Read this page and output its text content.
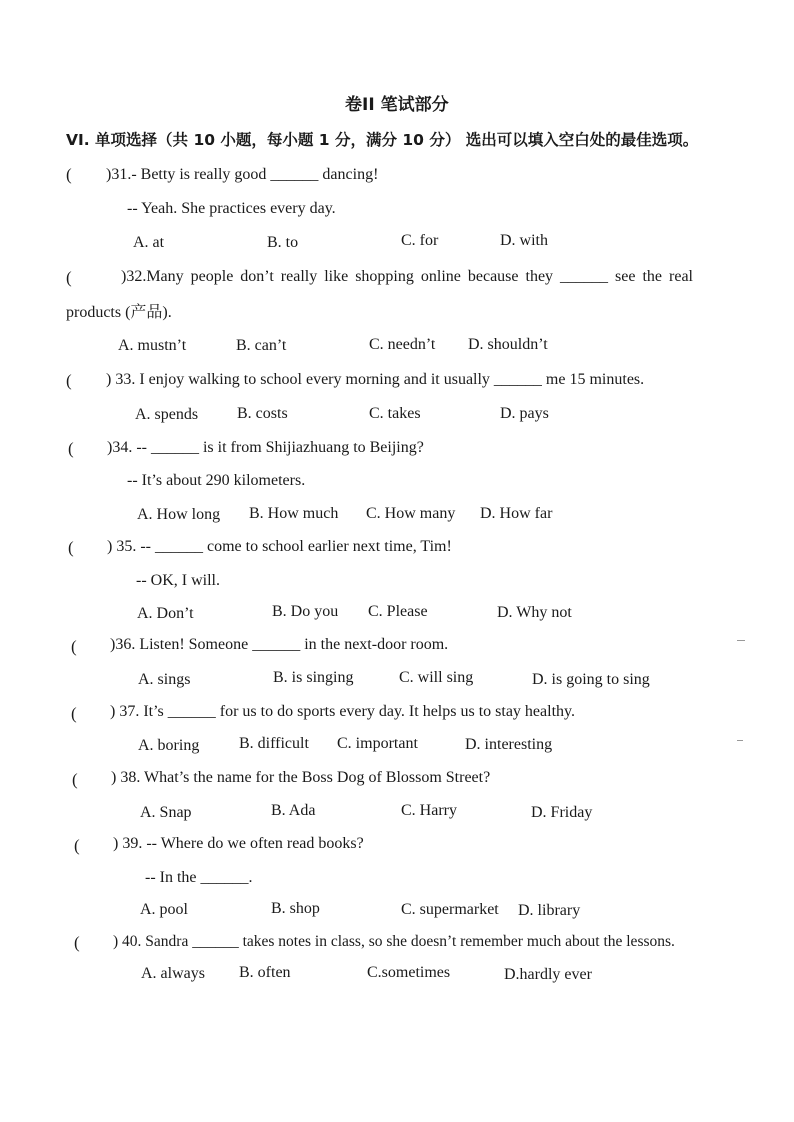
卷II 笔试部分
VI. 单项选择（共 10 小题，每小题 1 分，满分 10 分） 选出可以填入空白处的最佳选项。
( )31.- Betty is really good ______ dancing!
-- Yeah. She practices every day.
A. at	B. to	C. for	D. with
(	)32.Many people don’t really like shopping online because they ______ see the real
products (产品).
A. mustn’t	B. can’t	C. needn’t D. shouldn’t
( ) 33. I enjoy walking to school every morning and it usually ______ me 15 minutes.
A. spends B. costs	C. takes	D. pays
( )34. -- ______ is it from Shijiazhuang to Beijing?
-- It’s about 290 kilometers.
A. How long B. How much C. How many D. How far
( ) 35. -- ______ come to school earlier next time, Tim!
-- OK, I will.
A. Don’t	B. Do you C. Please	D. Why not
( )36. Listen! Someone ______ in the next-door room.
A. sings	B. is singing	C. will sing	D. is going to sing
( ) 37. It’s ______ for us to do sports every day. It helps us to stay healthy.
A. boring B. difficult C. important	D. interesting
( ) 38. What’s the name for the Boss Dog of Blossom Street?
A. Snap	B. Ada	C. Harry	D. Friday
( ) 39. -- Where do we often read books?
-- In the ______.
A. pool	B. shop	C. supermarket D. library
( ) 40. Sandra ______ takes notes in class, so she doesn’t remember much about the lessons.
A. always B. often	C.sometimes	D.hardly ever
